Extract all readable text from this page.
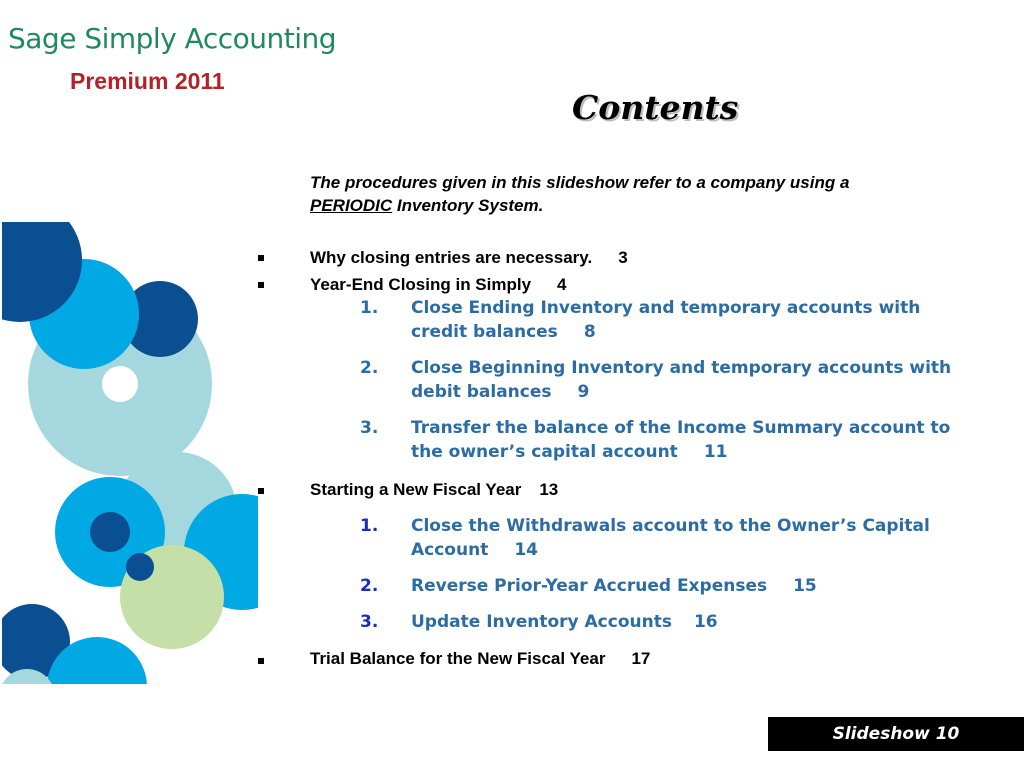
Sage Simply Accounting
Premium 2011
Contents
The procedures given in this slideshow refer to a company using a
PERIODIC Inventory System.
Why closing entries are necessary. 3
Year-End Closing in Simply 4
1. Close Ending Inventory and temporary accounts with credit balances 8
2. Close Beginning Inventory and temporary accounts with debit balances 9
3. Transfer the balance of the Income Summary account to the owner’s capital account 11
Starting a New Fiscal Year 13
1. Close the Withdrawals account to the Owner’s Capital Account 14
2. Reverse Prior-Year Accrued Expenses 15
3. Update Inventory Accounts 16
Trial Balance for the New Fiscal Year 17
Slideshow 10
